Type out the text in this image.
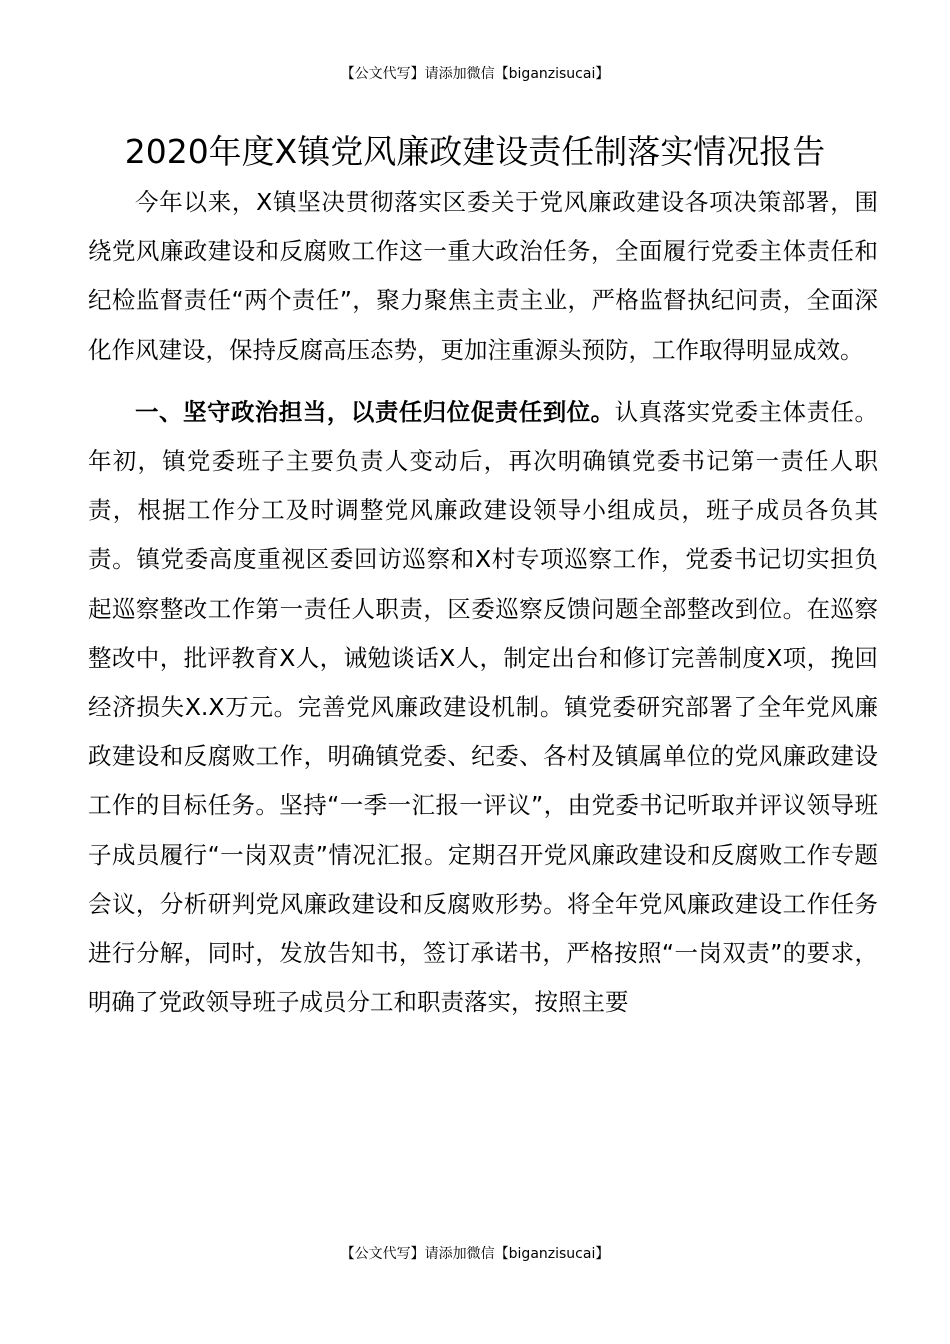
【公文代写】请添加微信【biganzisucai】
2020年度X镇党风廉政建设责任制落实情况报告

今年以来，X镇坚决贯彻落实区委关于党风廉政建设各项决策部署，围绕党风廉政建设和反腐败工作这一重大政治任务，全面履行党委主体责任和纪检监督责任“两个责任”，聚力聚焦主责主业，严格监督执纪问责，全面深化作风建设，保持反腐高压态势，更加注重源头预防，工作取得明显成效。

一、坚守政治担当，以责任归位促责任到位。认真落实党委主体责任。年初，镇党委班子主要负责人变动后，再次明确镇党委书记第一责任人职责，根据工作分工及时调整党风廉政建设领导小组成员，班子成员各负其责。镇党委高度重视区委回访巡察和X村专项巡察工作，党委书记切实担负起巡察整改工作第一责任人职责，区委巡察反馈问题全部整改到位。在巡察整改中，批评教育X人，诫勉谈话X人，制定出台和修订完善制度X项，挽回经济损失X.X万元。完善党风廉政建设机制。镇党委研究部署了全年党风廉政建设和反腐败工作，明确镇党委、纪委、各村及镇属单位的党风廉政建设工作的目标任务。坚持“一季一汇报一评议”，由党委书记听取并评议领导班子成员履行“一岗双责”情况汇报。定期召开党风廉政建设和反腐败工作专题会议，分析研判党风廉政建设和反腐败形势。将全年党风廉政建设工作任务进行分解，同时，发放告知书，签订承诺书，严格按照“一岗双责”的要求，明确了党政领导班子成员分工和职责落实，按照主要

【公文代写】请添加微信【biganzisucai】
